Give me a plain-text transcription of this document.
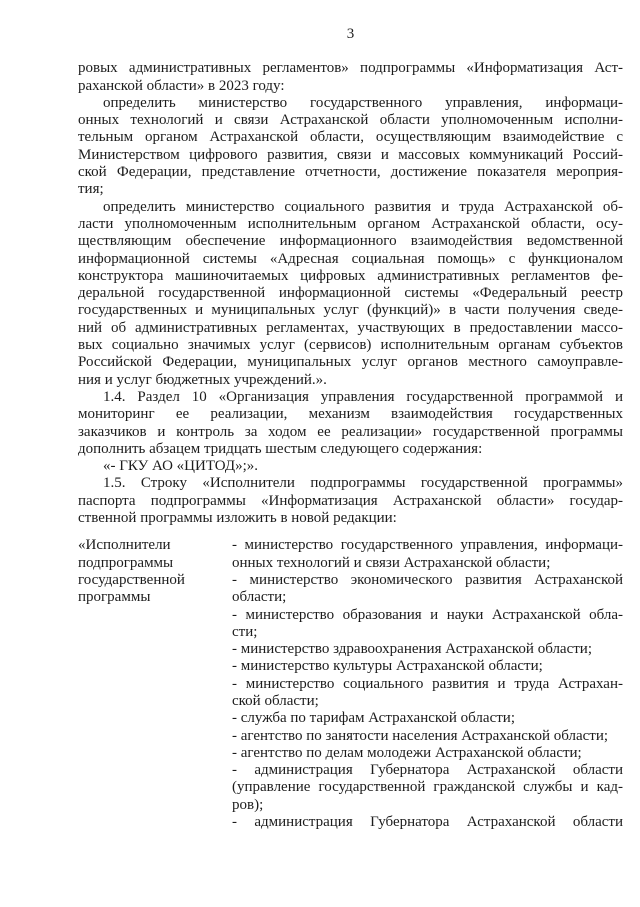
3
ровых административных регламентов» подпрограммы «Информатизация Аст-
раханской области» в 2023 году:
определить министерство государственного управления, информаци-
онных технологий и связи Астраханской области уполномоченным исполни-
тельным органом Астраханской области, осуществляющим взаимодействие с
Министерством цифрового развития, связи и массовых коммуникаций Россий-
ской Федерации, представление отчетности, достижение показателя мероприя-
тия;
определить министерство социального развития и труда Астраханской об-
ласти уполномоченным исполнительным органом Астраханской области, осу-
ществляющим обеспечение информационного взаимодействия ведомственной
информационной системы «Адресная социальная помощь» с функционалом
конструктора машиночитаемых цифровых административных регламентов фе-
деральной государственной информационной системы «Федеральный реестр
государственных и муниципальных услуг (функций)» в части получения сведе-
ний об административных регламентах, участвующих в предоставлении массо-
вых социально значимых услуг (сервисов) исполнительным органам субъектов
Российской Федерации, муниципальных услуг органов местного самоуправле-
ния и услуг бюджетных учреждений.».
1.4. Раздел 10 «Организация управления государственной программой и
мониторинг ее реализации, механизм взаимодействия государственных
заказчиков и контроль за ходом ее реализации» государственной программы
дополнить абзацем тридцать шестым следующего содержания:
«- ГКУ АО «ЦИТОД»;».
1.5. Строку «Исполнители подпрограммы государственной программы»
паспорта подпрограммы «Информатизация Астраханской области» государ-
ственной программы изложить в новой редакции:
«Исполнители
подпрограммы
государственной
программы
- министерство государственного управления, информаци-
онных технологий и связи Астраханской области;
- министерство экономического развития Астраханской
области;
- министерство образования и науки Астраханской обла-
сти;
- министерство здравоохранения Астраханской области;
- министерство культуры Астраханской области;
- министерство социального развития и труда Астрахан-
ской области;
- служба по тарифам Астраханской области;
- агентство по занятости населения Астраханской области;
- агентство по делам молодежи Астраханской области;
- администрация Губернатора Астраханской области
(управление государственной гражданской службы и кад-
ров);
- администрация Губернатора Астраханской области
